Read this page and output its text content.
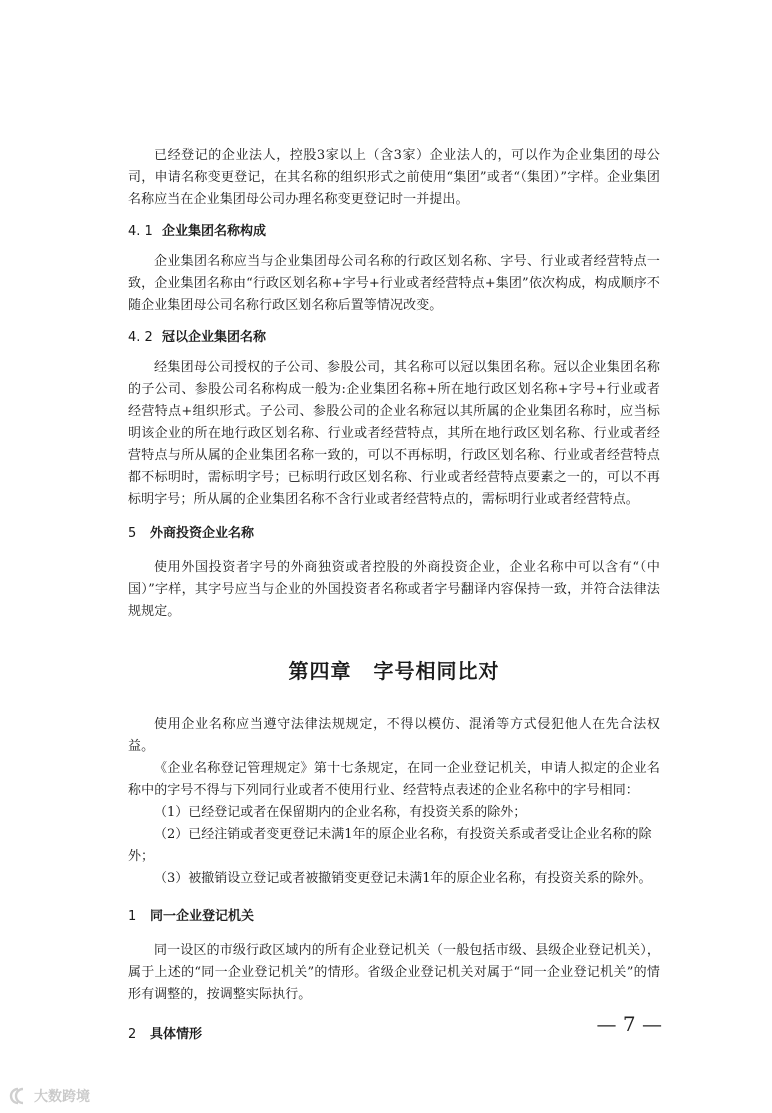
已经登记的企业法人，控股3家以上（含3家）企业法人的，可以作为企业集团的母公司，申请名称变更登记，在其名称的组织形式之前使用“集团”或者“（集团）”字样。企业集团名称应当在企业集团母公司办理名称变更登记时一并提出。

4. 1 企业集团名称构成

企业集团名称应当与企业集团母公司名称的行政区划名称、字号、行业或者经营特点一致，企业集团名称由“行政区划名称+字号+行业或者经营特点+集团”依次构成，构成顺序不随企业集团母公司名称行政区划名称后置等情况改变。

4. 2 冠以企业集团名称

经集团母公司授权的子公司、参股公司，其名称可以冠以集团名称。冠以企业集团名称的子公司、参股公司名称构成一般为:企业集团名称+所在地行政区划名称+字号+行业或者经营特点+组织形式。子公司、参股公司的企业名称冠以其所属的企业集团名称时，应当标明该企业的所在地行政区划名称、行业或者经营特点，其所在地行政区划名称、行业或者经营特点与所从属的企业集团名称一致的，可以不再标明，行政区划名称、行业或者经营特点都不标明时，需标明字号；已标明行政区划名称、行业或者经营特点要素之一的，可以不再标明字号；所从属的企业集团名称不含行业或者经营特点的，需标明行业或者经营特点。

5 外商投资企业名称

使用外国投资者字号的外商独资或者控股的外商投资企业，企业名称中可以含有“（中国）”字样，其字号应当与企业的外国投资者名称或者字号翻译内容保持一致，并符合法律法规规定。

第四章 字号相同比对

使用企业名称应当遵守法律法规规定，不得以模仿、混淆等方式侵犯他人在先合法权益。

《企业名称登记管理规定》第十七条规定，在同一企业登记机关，申请人拟定的企业名称中的字号不得与下列同行业或者不使用行业、经营特点表述的企业名称中的字号相同：

（1）已经登记或者在保留期内的企业名称，有投资关系的除外；

（2）已经注销或者变更登记未满1年的原企业名称，有投资关系或者受让企业名称的除外；

（3）被撤销设立登记或者被撤销变更登记未满1年的原企业名称，有投资关系的除外。

1 同一企业登记机关

同一设区的市级行政区域内的所有企业登记机关（一般包括市级、县级企业登记机关），属于上述的“同一企业登记机关”的情形。省级企业登记机关对属于“同一企业登记机关”的情形有调整的，按调整实际执行。

2 具体情形	— 7 —
大数跨境
